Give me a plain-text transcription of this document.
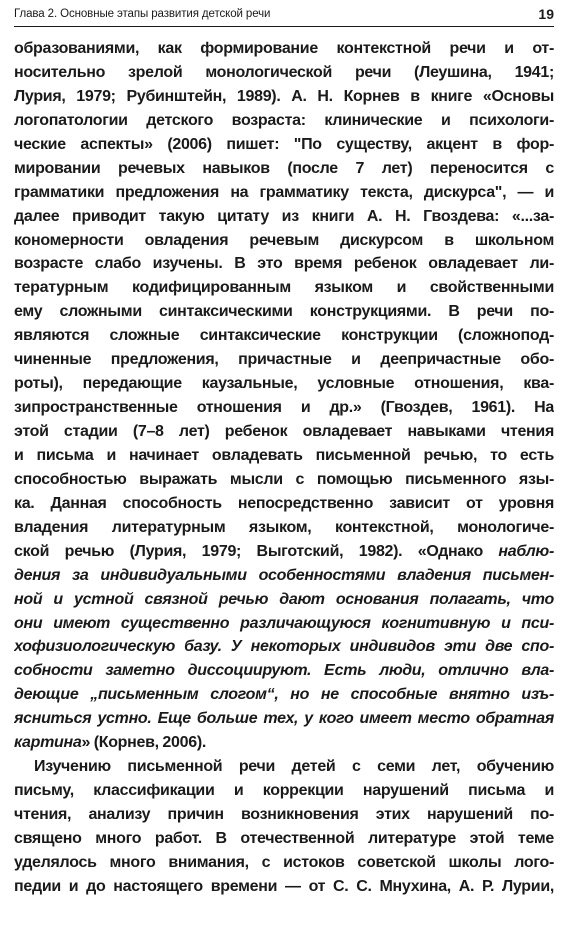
Глава 2. Основные этапы развития детской речи	19
образованиями, как формирование контекстной речи и от-
носительно зрелой монологической речи (Леушина, 1941;
Лурия, 1979; Рубинштейн, 1989). А. Н. Корнев в книге «Основы
логопатологии детского возраста: клинические и психологи-
ческие аспекты» (2006) пишет: "По существу, акцент в фор-
мировании речевых навыков (после 7 лет) переносится с
грамматики предложения на грамматику текста, дискурса", — и
далее приводит такую цитату из книги А. Н. Гвоздева: «...за-
кономерности овладения речевым дискурсом в школьном
возрасте слабо изучены. В это время ребенок овладевает ли-
тературным кодифицированным языком и свойственными
ему сложными синтаксическими конструкциями. В речи по-
являются сложные синтаксические конструкции (сложнопод-
чиненные предложения, причастные и деепричастные обо-
роты), передающие каузальные, условные отношения, ква-
зипространственные отношения и др.» (Гвоздев, 1961). На
этой стадии (7–8 лет) ребенок овладевает навыками чтения
и письма и начинает овладевать письменной речью, то есть
способностью выражать мысли с помощью письменного язы-
ка. Данная способность непосредственно зависит от уровня
владения литературным языком, контекстной, монологиче-
ской речью (Лурия, 1979; Выготский, 1982). «Однако наблю-
дения за индивидуальными особенностями владения письмен-
ной и устной связной речью дают основания полагать, что
они имеют существенно различающуюся когнитивную и пси-
хофизиологическую базу. У некоторых индивидов эти две спо-
собности заметно диссоциируют. Есть люди, отлично вла-
деющие „письменным слогом“, но не способные внятно изъ-
ясниться устно. Еще больше тех, у кого имеет место обратная
картина» (Корнев, 2006).
Изучению письменной речи детей с семи лет, обучению
письму, классификации и коррекции нарушений письма и
чтения, анализу причин возникновения этих нарушений по-
священо много работ. В отечественной литературе этой теме
уделялось много внимания, с истоков советской школы лого-
педии и до настоящего времени — от С. С. Мнухина, А. Р. Лурии,
